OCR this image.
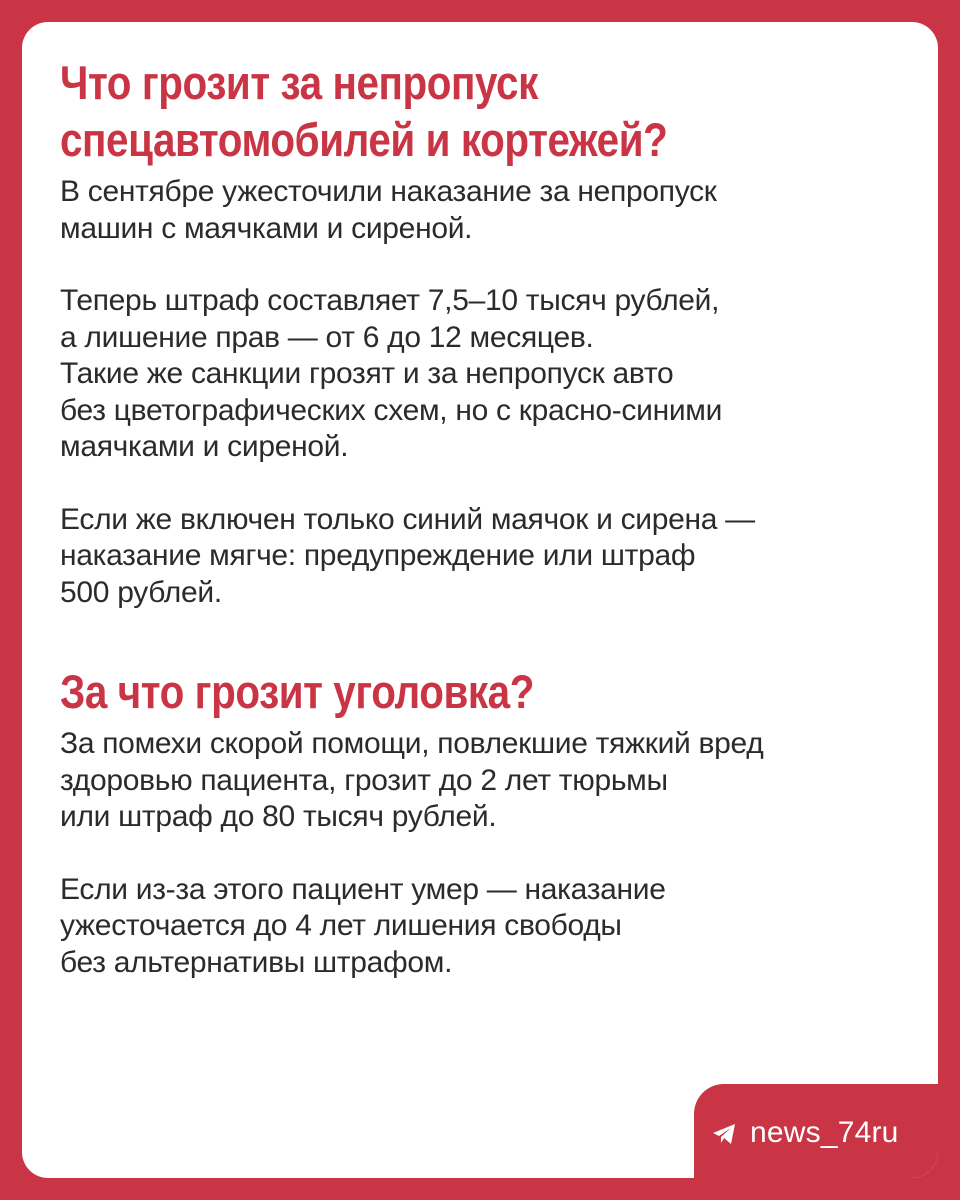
Что грозит за непропуск
спецавтомобилей и кортежей?

В сентябре ужесточили наказание за непропуск
машин с маячками и сиреной.

Теперь штраф составляет 7,5–10 тысяч рублей,
а лишение прав — от 6 до 12 месяцев.
Такие же санкции грозят и за непропуск авто
без цветографических схем, но с красно-синими
маячками и сиреной.

Если же включен только синий маячок и сирена —
наказание мягче: предупреждение или штраф
500 рублей.

За что грозит уголовка?

За помехи скорой помощи, повлекшие тяжкий вред
здоровью пациента, грозит до 2 лет тюрьмы
или штраф до 80 тысяч рублей.

Если из-за этого пациент умер — наказание
ужесточается до 4 лет лишения свободы
без альтернативы штрафом.

news_74ru
